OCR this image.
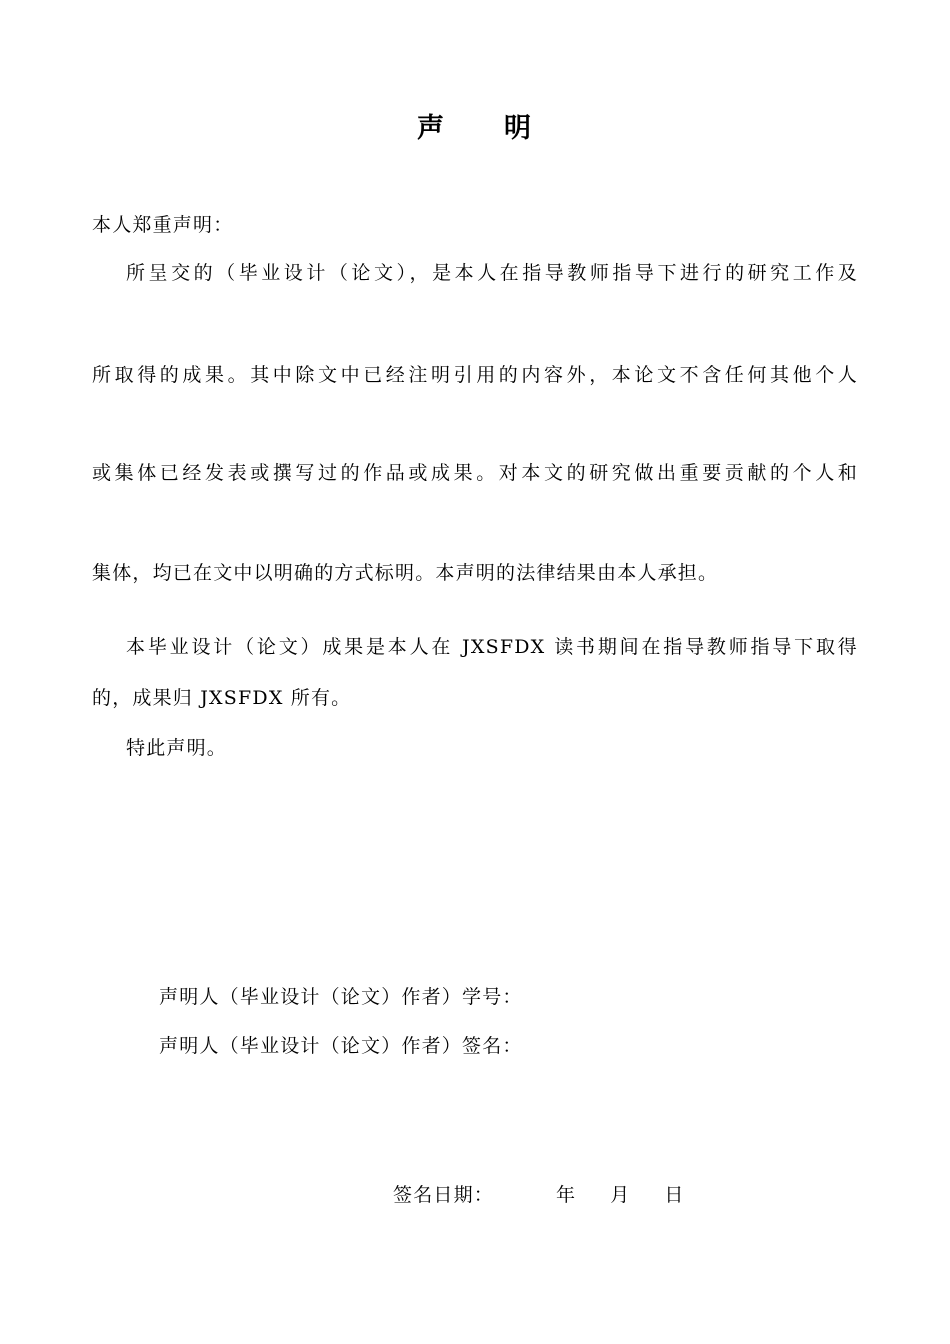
声 明
本人郑重声明：
所呈交的（毕业设计（论文），是本人在指导教师指导下进行的研究工作及
所取得的成果。其中除文中已经注明引用的内容外，本论文不含任何其他个人
或集体已经发表或撰写过的作品或成果。对本文的研究做出重要贡献的个人和
集体，均已在文中以明确的方式标明。本声明的法律结果由本人承担。
本毕业设计（论文）成果是本人在 JXSFDX 读书期间在指导教师指导下取得
的，成果归 JXSFDX 所有。
特此声明。
声明人（毕业设计（论文）作者）学号：
声明人（毕业设计（论文）作者）签名：
签名日期：	年 月 日
